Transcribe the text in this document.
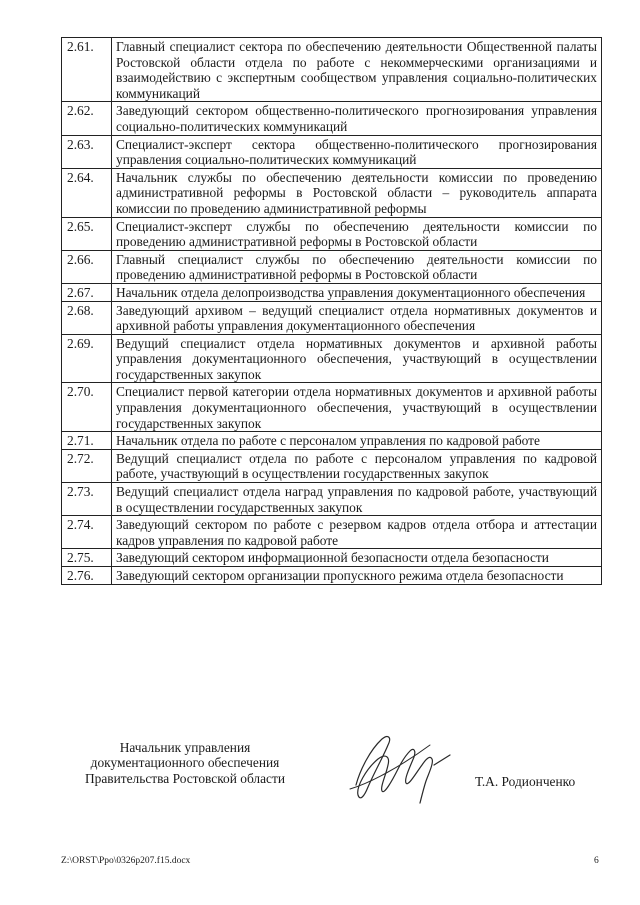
2.61.	Главный специалист сектора по обеспечению деятельности Общественной палаты Ростовской области отдела по работе с некоммерческими организациями и взаимодействию с экспертным сообществом управления социально-политических коммуникаций
2.62.	Заведующий сектором общественно-политического прогнозирования управления социально-политических коммуникаций
2.63.	Специалист-эксперт сектора общественно-политического прогнозирования управления социально-политических коммуникаций
2.64.	Начальник службы по обеспечению деятельности комиссии по проведению административной реформы в Ростовской области – руководитель аппарата комиссии по проведению административной реформы
2.65.	Специалист-эксперт службы по обеспечению деятельности комиссии по проведению административной реформы в Ростовской области
2.66.	Главный специалист службы по обеспечению деятельности комиссии по проведению административной реформы в Ростовской области
2.67.	Начальник отдела делопроизводства управления документационного обеспечения
2.68.	Заведующий архивом – ведущий специалист отдела нормативных документов и архивной работы управления документационного обеспечения
2.69.	Ведущий специалист отдела нормативных документов и архивной работы управления документационного обеспечения, участвующий в осуществлении государственных закупок
2.70.	Специалист первой категории отдела нормативных документов и архивной работы управления документационного обеспечения, участвующий в осуществлении государственных закупок
2.71.	Начальник отдела по работе с персоналом управления по кадровой работе
2.72.	Ведущий специалист отдела по работе с персоналом управления по кадровой работе, участвующий в осуществлении государственных закупок
2.73.	Ведущий специалист отдела наград управления по кадровой работе, участвующий в осуществлении государственных закупок
2.74.	Заведующий сектором по работе с резервом кадров отдела отбора и аттестации кадров управления по кадровой работе
2.75.	Заведующий сектором информационной безопасности отдела безопасности
2.76.	Заведующий сектором организации пропускного режима отдела безопасности
Начальник управления
документационного обеспечения
Правительства Ростовской области	Т.А. Родионченко
Z:\ORST\Ppo\0326p207.f15.docx	6
